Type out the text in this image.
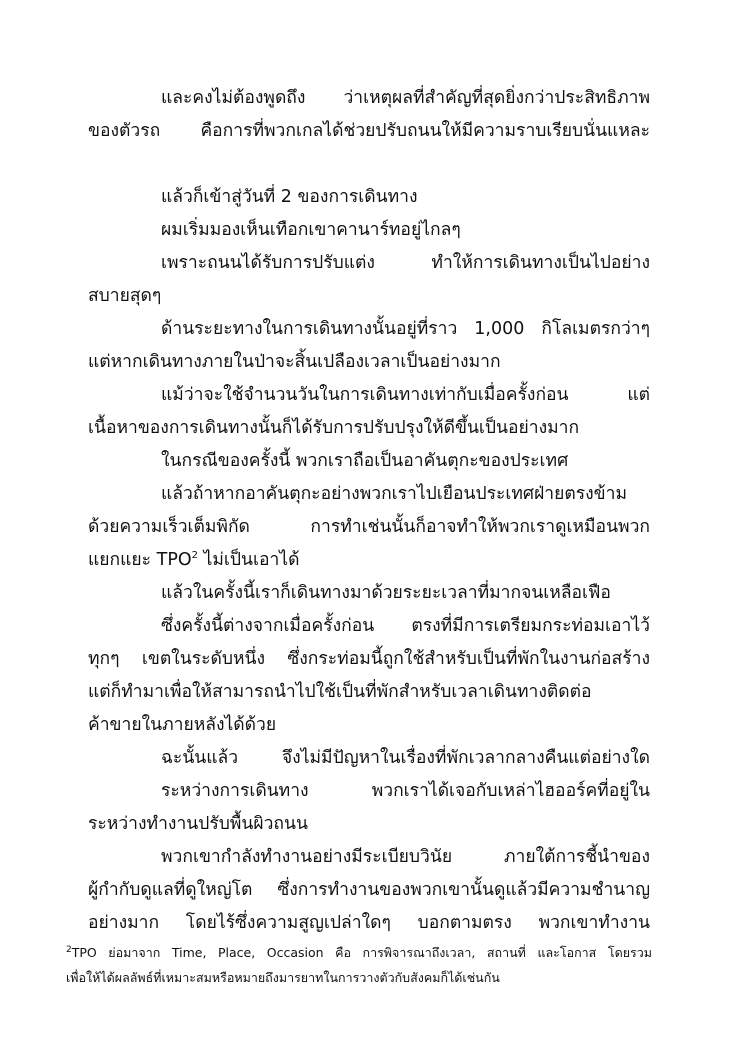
และคงไม่ต้องพูดถึง ว่าเหตุผลที่สำคัญที่สุดยิ่งกว่าประสิทธิภาพ
ของตัวรถ คือการที่พวกเกลได้ช่วยปรับถนนให้มีความราบเรียบนั่นแหละ
แล้วก็เข้าสู่วันที่ 2 ของการเดินทาง
ผมเริ่มมองเห็นเทือกเขาคานาร์ทอยู่ไกลๆ
เพราะถนนได้รับการปรับแต่ง ทำให้การเดินทางเป็นไปอย่าง
สบายสุดๆ
ด้านระยะทางในการเดินทางนั้นอยู่ที่ราว 1,000 กิโลเมตรกว่าๆ
แต่หากเดินทางภายในป่าจะสิ้นเปลืองเวลาเป็นอย่างมาก
แม้ว่าจะใช้จำนวนวันในการเดินทางเท่ากับเมื่อครั้งก่อน แต่
เนื้อหาของการเดินทางนั้นก็ได้รับการปรับปรุงให้ดีขึ้นเป็นอย่างมาก
ในกรณีของครั้งนี้ พวกเราถือเป็นอาคันตุกะของประเทศ
แล้วถ้าหากอาคันตุกะอย่างพวกเราไปเยือนประเทศฝ่ายตรงข้าม
ด้วยความเร็วเต็มพิกัด การทำเช่นนั้นก็อาจทำให้พวกเราดูเหมือนพวก
แยกแยะ TPO$^2$ ไม่เป็นเอาได้
แล้วในครั้งนี้เราก็เดินทางมาด้วยระยะเวลาที่มากจนเหลือเฟือ
ซึ่งครั้งนี้ต่างจากเมื่อครั้งก่อน ตรงที่มีการเตรียมกระท่อมเอาไว้
ทุกๆ เขตในระดับหนึ่ง ซึ่งกระท่อมนี้ถูกใช้สำหรับเป็นที่พักในงานก่อสร้าง
แต่ก็ทำมาเพื่อให้สามารถนำไปใช้เป็นที่พักสำหรับเวลาเดินทางติดต่อ
ค้าขายในภายหลังได้ด้วย
ฉะนั้นแล้ว จึงไม่มีปัญหาในเรื่องที่พักเวลากลางคืนแต่อย่างใด
ระหว่างการเดินทาง พวกเราได้เจอกับเหล่าไฮออร์คที่อยู่ใน
ระหว่างทำงานปรับพื้นผิวถนน
พวกเขากำลังทำงานอย่างมีระเบียบวินัย ภายใต้การชี้นำของ
ผู้กำกับดูแลที่ดูใหญ่โต ซึ่งการทำงานของพวกเขานั้นดูแล้วมีความชำนาญ
อย่างมาก โดยไร้ซึ่งความสูญเปล่าใดๆ บอกตามตรง พวกเขาทำงาน
$^2$TPO ย่อมาจาก Time, Place, Occasion คือ การพิจารณาถึงเวลา, สถานที่ และโอกาส โดยรวม
เพื่อให้ได้ผลลัพธ์ที่เหมาะสมหรือหมายถึงมารยาทในการวางตัวกับสังคมก็ได้เช่นกัน
